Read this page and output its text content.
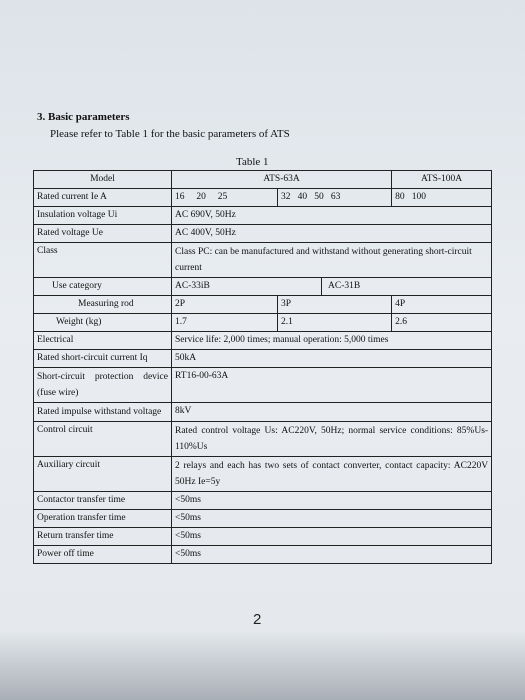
3. Basic parameters
Please refer to Table 1 for the basic parameters of ATS
Table 1
Model	ATS-63A			ATS-100A
Rated current Ie A	16     20     25	32   40   50   63		80   100
Insulation voltage Ui	AC 690V, 50Hz			
Rated voltage Ue	AC 400V, 50Hz			
Class	Class PC: can be manufactured and withstand without generating short-circuit current			
Use category	AC-33iB		AC-31B	
Measuring rod	2P	3P		4P
Weight (kg)	1.7	2.1		2.6
Electrical	Service life: 2,000 times; manual operation: 5,000 times			
Rated short-circuit current Iq	50kA			
Short-circuit protection device (fuse wire)	RT16-00-63A			
Rated impulse withstand voltage	8kV			
Control circuit	Rated control voltage Us: AC220V, 50Hz; normal service conditions: 85%Us-110%Us			
Auxiliary circuit	2 relays and each has two sets of contact converter, contact capacity: AC220V 50Hz Ie=5y			
Contactor transfer time	<50ms			
Operation transfer time	<50ms			
Return transfer time	<50ms			
Power off time	<50ms			
2
